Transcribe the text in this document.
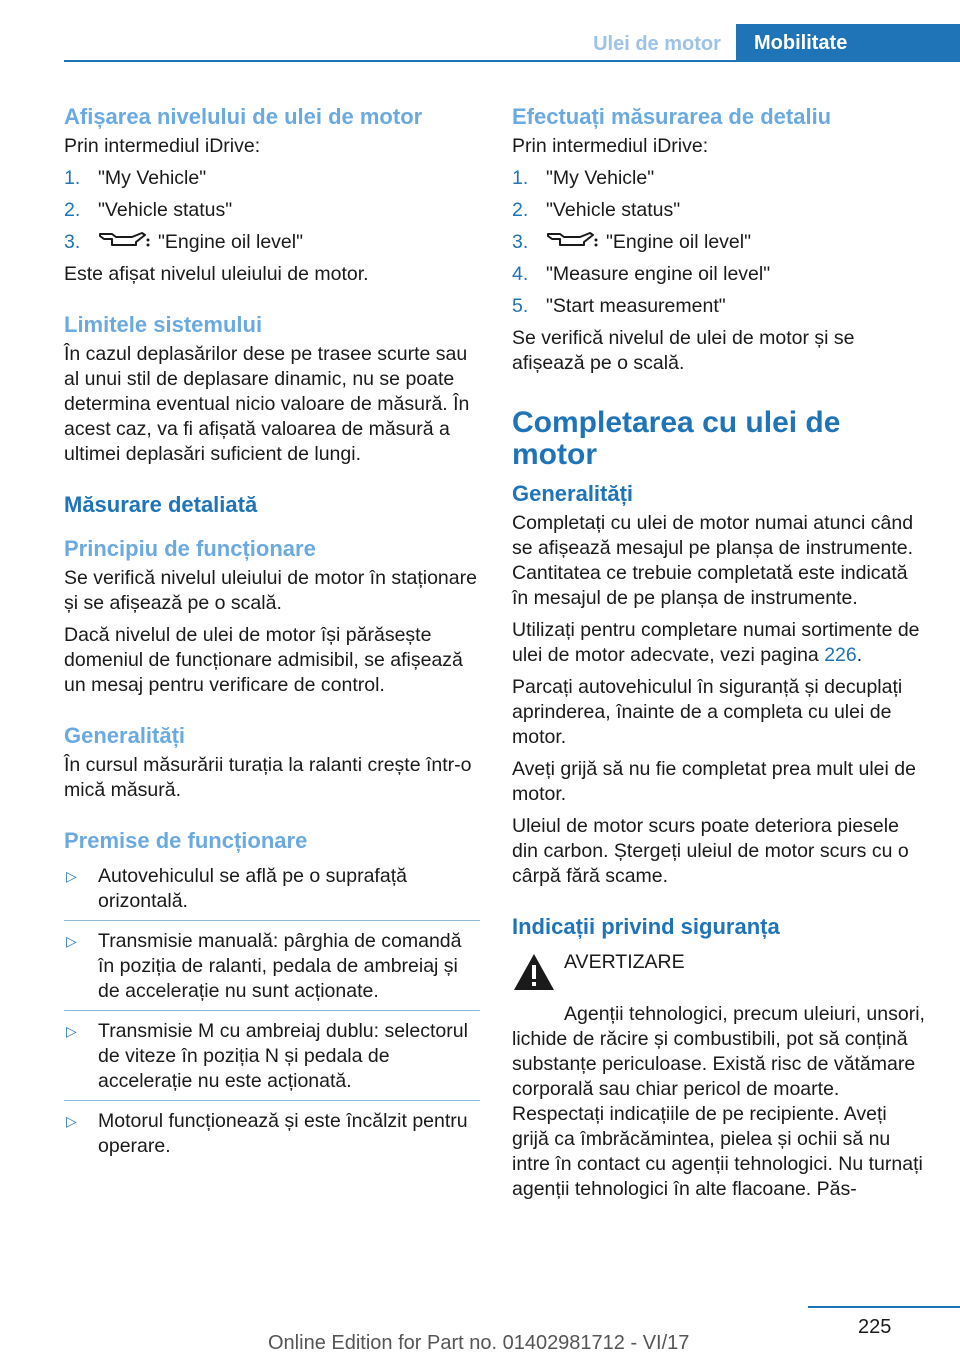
Ulei de motor	Mobilitate
Afișarea nivelului de ulei de motor

Prin intermediul iDrive:

1. "My Vehicle"
2. "Vehicle status"
3.	"Engine oil level"

Este afișat nivelul uleiului de motor.

Limitele sistemului

În cazul deplasărilor dese pe trasee scurte sau al unui stil de deplasare dinamic, nu se poate determina eventual nicio valoare de măsură. În acest caz, va fi afișată valoarea de măsură a ultimei deplasări suficient de lungi.

Măsurare detaliată
Principiu de funcționare

Se verifică nivelul uleiului de motor în staționare și se afișează pe o scală.

Dacă nivelul de ulei de motor își părăsește domeniul de funcționare admisibil, se afișează un mesaj pentru verificare de control.

Generalități

În cursul măsurării turația la ralanti crește într-o mică măsură.

Premise de funcționare
▷ Autovehiculul se află pe o suprafață orizontală.
▷ Transmisie manuală: pârghia de comandă în poziția de ralanti, pedala de ambreiaj și de accelerație nu sunt acționate.
▷ Transmisie M cu ambreiaj dublu: selectorul de viteze în poziția N și pedala de accelerație nu este acționată.
▷ Motorul funcționează și este încălzit pentru operare.
Efectuați măsurarea de detaliu

Prin intermediul iDrive:

1. "My Vehicle"
2. "Vehicle status"
3.	"Engine oil level"
4. "Measure engine oil level"
5. "Start measurement"

Se verifică nivelul de ulei de motor și se afișează pe o scală.

Completarea cu ulei de motor
Generalități

Completați cu ulei de motor numai atunci când se afișează mesajul pe planșa de instrumente. Cantitatea ce trebuie completată este indicată în mesajul de pe planșa de instrumente.

Utilizați pentru completare numai sortimente de ulei de motor adecvate, vezi pagina 226.

Parcați autovehiculul în siguranță și decuplați aprinderea, înainte de a completa cu ulei de motor.

Aveți grijă să nu fie completat prea mult ulei de motor.

Uleiul de motor scurs poate deteriora piesele din carbon. Ștergeți uleiul de motor scurs cu o cârpă fără scame.

Indicații privind siguranța
AVERTIZARE

Agenții tehnologici, precum uleiuri, unsori, lichide de răcire și combustibili, pot să conțină substanțe periculoase. Există risc de vătămare corporală sau chiar pericol de moarte. Respectați indicațiile de pe recipiente. Aveți grijă ca îmbrăcămintea, pielea și ochii să nu intre în contact cu agenții tehnologici. Nu turnați agenții tehnologici în alte flacoane. Păs-

225
Online Edition for Part no. 01402981712 - VI/17
